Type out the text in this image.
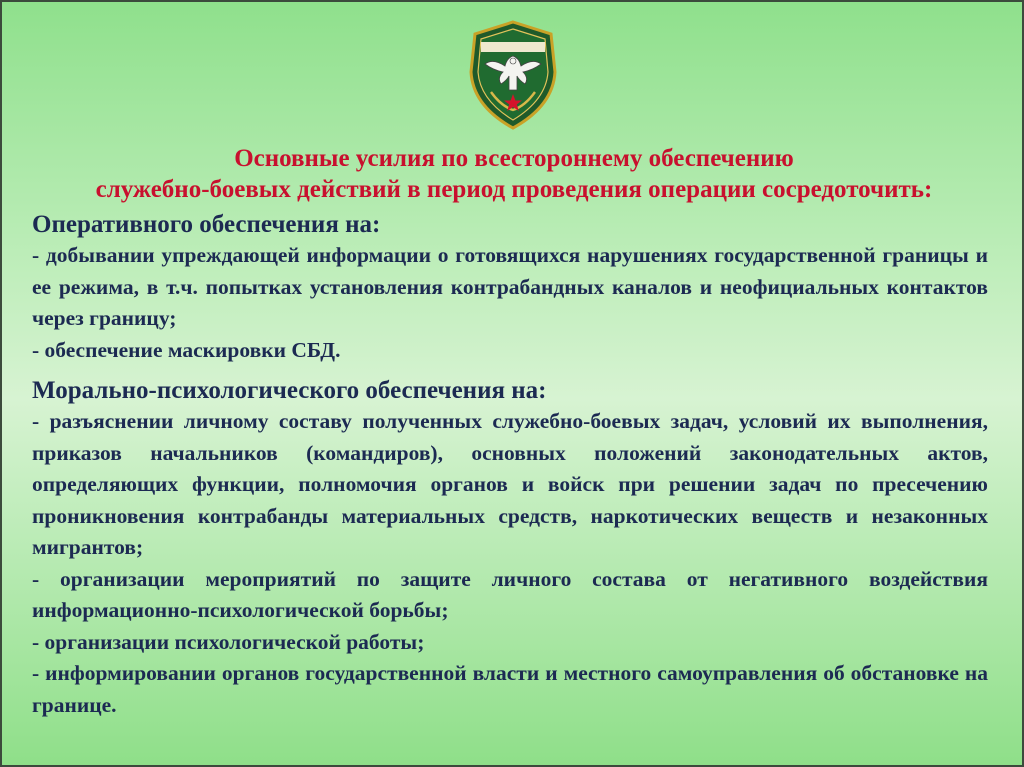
Основные усилия по всестороннему обеспечению
служебно-боевых действий в период проведения операции сосредоточить:
Оперативного обеспечения на:

- добывании упреждающей информации о готовящихся нарушениях государственной границы и ее режима, в т.ч. попытках установления контрабандных каналов и неофициальных контактов через границу;

- обеспечение маскировки СБД.

Морально-психологического обеспечения на:

- разъяснении личному составу полученных служебно-боевых задач, условий их выполнения, приказов начальников (командиров), основных положений законодательных актов, определяющих функции, полномочия органов и войск при решении задач по пресечению проникновения контрабанды материальных средств, наркотических веществ и незаконных мигрантов;

- организации мероприятий по защите личного состава от негативного воздействия информационно-психологической борьбы;

- организации психологической работы;

- информировании органов государственной власти и местного самоуправления об обстановке на границе.
